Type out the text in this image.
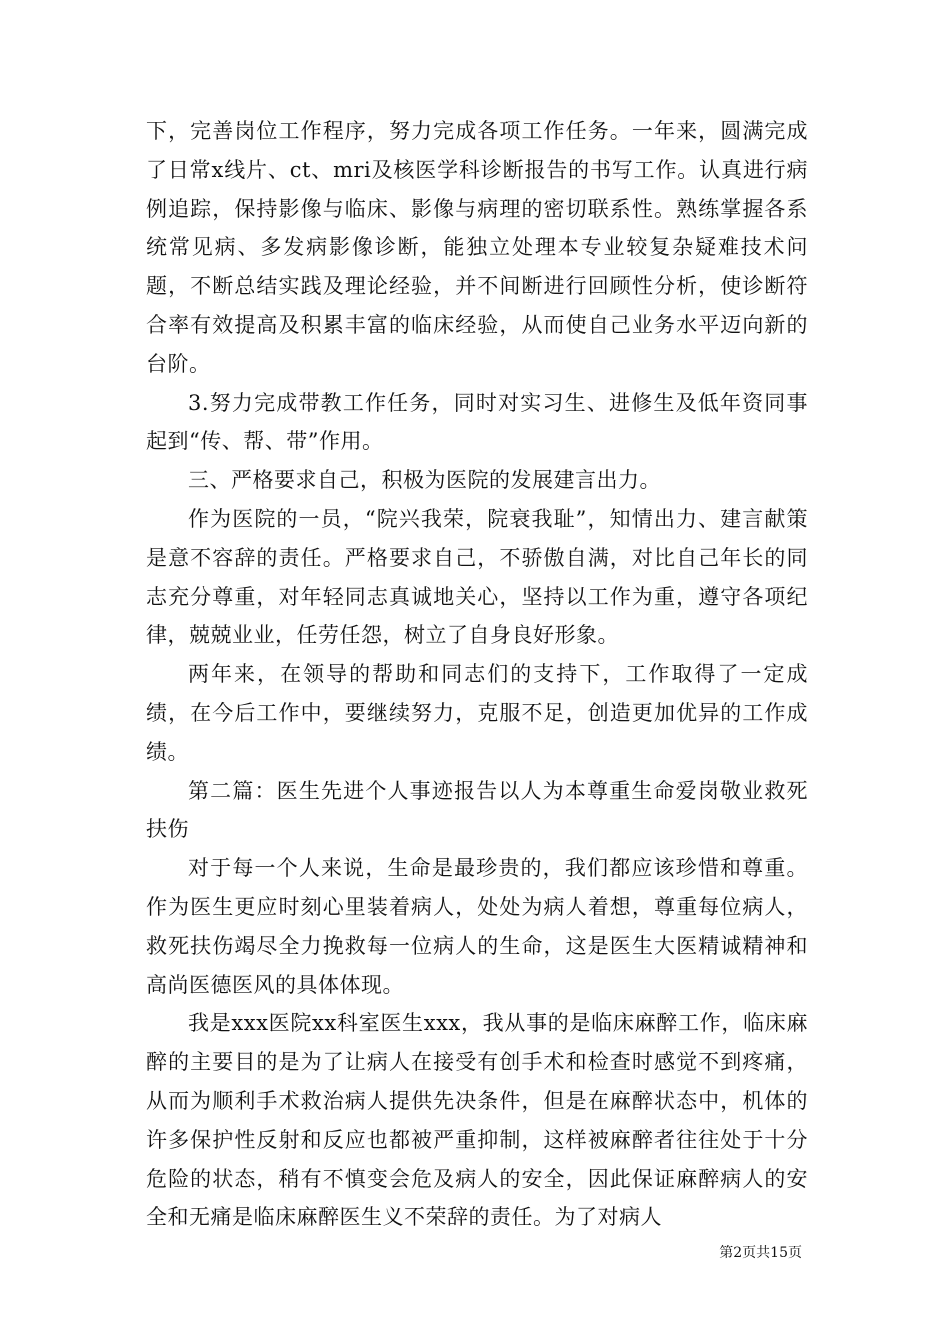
下，完善岗位工作程序，努力完成各项工作任务。一年来，圆满完成了日常x线片、ct、mri及核医学科诊断报告的书写工作。认真进行病例追踪，保持影像与临床、影像与病理的密切联系性。熟练掌握各系统常见病、多发病影像诊断，能独立处理本专业较复杂疑难技术问题，不断总结实践及理论经验，并不间断进行回顾性分析，使诊断符合率有效提高及积累丰富的临床经验，从而使自己业务水平迈向新的台阶。

3.努力完成带教工作任务，同时对实习生、进修生及低年资同事起到“传、帮、带”作用。

三、严格要求自己，积极为医院的发展建言出力。

作为医院的一员，“院兴我荣，院衰我耻”，知情出力、建言献策是意不容辞的责任。严格要求自己，不骄傲自满，对比自己年长的同志充分尊重，对年轻同志真诚地关心，坚持以工作为重，遵守各项纪律，兢兢业业，任劳任怨，树立了自身良好形象。

两年来，在领导的帮助和同志们的支持下，工作取得了一定成绩，在今后工作中，要继续努力，克服不足，创造更加优异的工作成绩。

第二篇：医生先进个人事迹报告以人为本尊重生命爱岗敬业救死扶伤

对于每一个人来说，生命是最珍贵的，我们都应该珍惜和尊重。作为医生更应时刻心里装着病人，处处为病人着想，尊重每位病人，救死扶伤竭尽全力挽救每一位病人的生命，这是医生大医精诚精神和高尚医德医风的具体体现。

我是xxx医院xx科室医生xxx，我从事的是临床麻醉工作，临床麻醉的主要目的是为了让病人在接受有创手术和检查时感觉不到疼痛，从而为顺利手术救治病人提供先决条件，但是在麻醉状态中，机体的许多保护性反射和反应也都被严重抑制，这样被麻醉者往往处于十分危险的状态，稍有不慎变会危及病人的安全，因此保证麻醉病人的安全和无痛是临床麻醉医生义不荣辞的责任。为了对病人

第2页共15页
